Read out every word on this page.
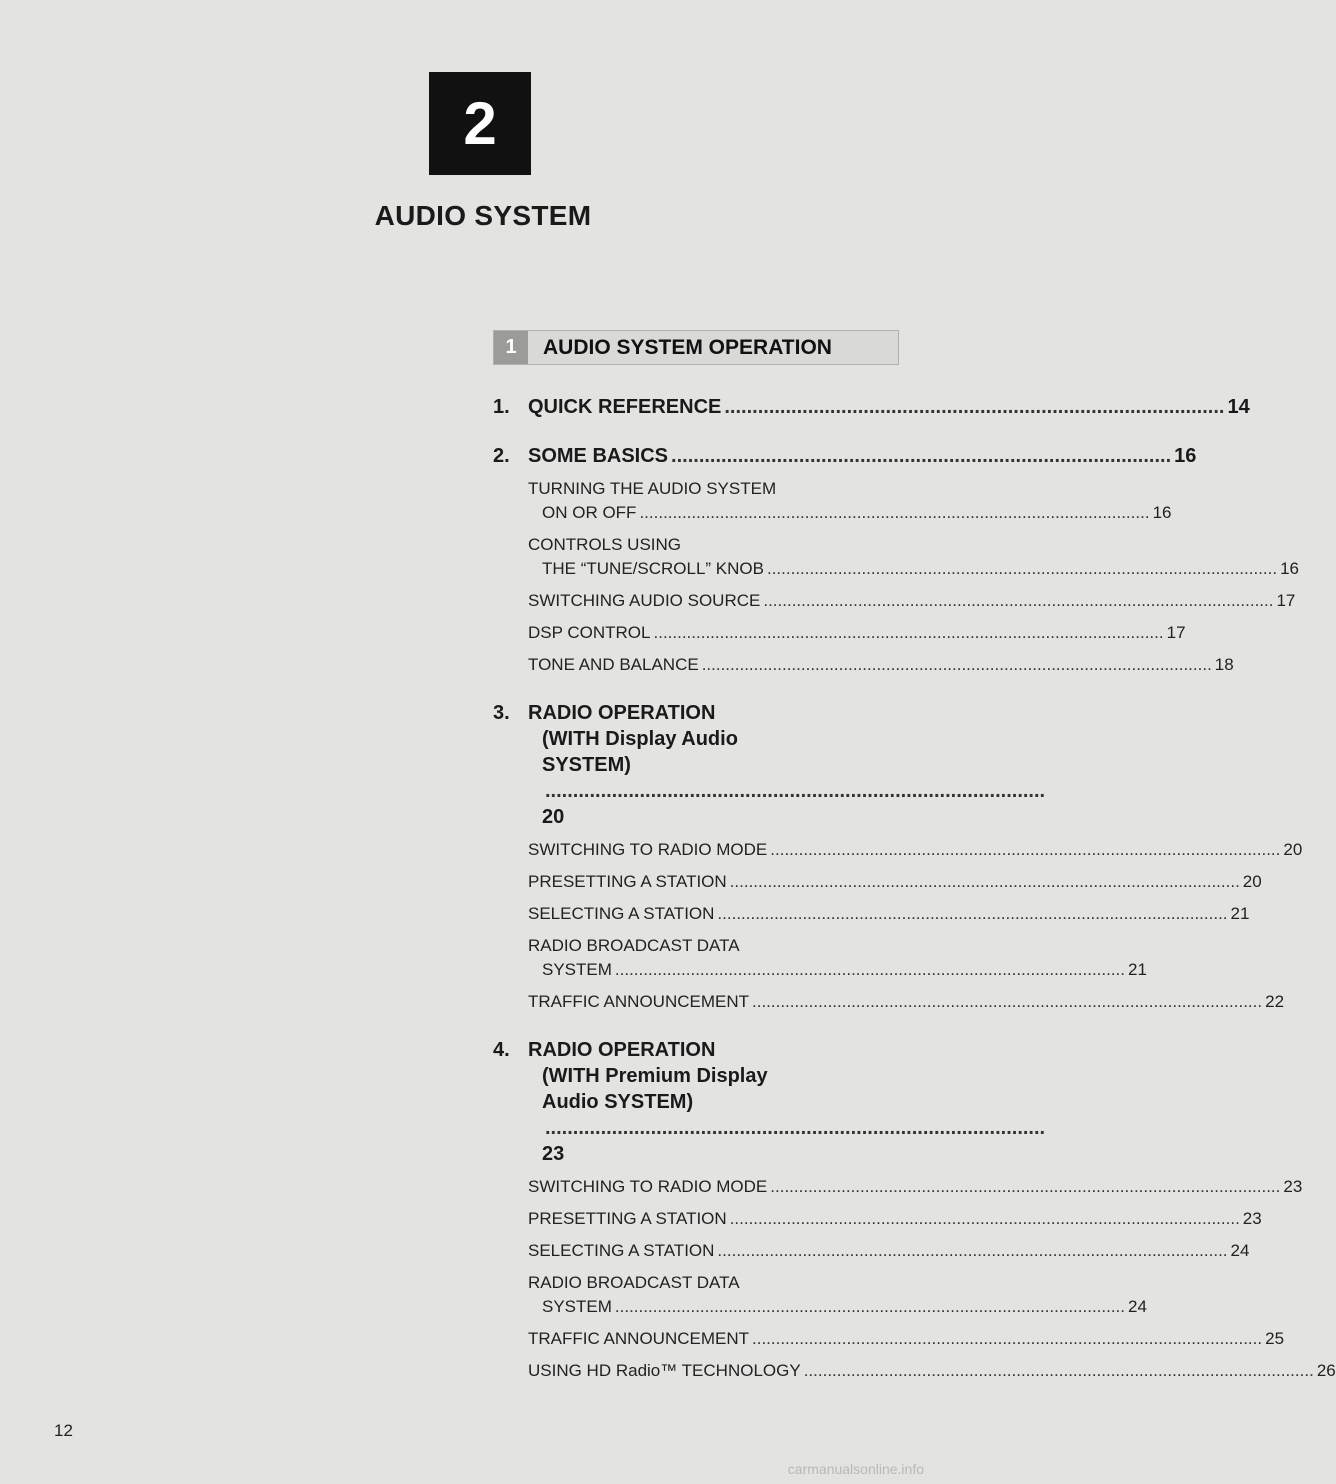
2
AUDIO SYSTEM
1	AUDIO SYSTEM OPERATION
1. QUICK REFERENCE .......................................................................................... 14
2. SOME BASICS .......................................................................................... 16
TURNING THE AUDIO SYSTEM
ON OR OFF ............................................................................................................ 16
CONTROLS USING
THE “TUNE/SCROLL” KNOB ............................................................................................................ 16
SWITCHING AUDIO SOURCE ............................................................................................................ 17
DSP CONTROL ............................................................................................................ 17
TONE AND BALANCE ............................................................................................................ 18
3. RADIO OPERATION
(WITH Display Audio
SYSTEM) .......................................................................................... 20
SWITCHING TO RADIO MODE ............................................................................................................ 20
PRESETTING A STATION ............................................................................................................ 20
SELECTING A STATION ............................................................................................................ 21
RADIO BROADCAST DATA
SYSTEM ............................................................................................................ 21
TRAFFIC ANNOUNCEMENT ............................................................................................................ 22
4. RADIO OPERATION
(WITH Premium Display
Audio SYSTEM) .......................................................................................... 23
SWITCHING TO RADIO MODE ............................................................................................................ 23
PRESETTING A STATION ............................................................................................................ 23
SELECTING A STATION ............................................................................................................ 24
RADIO BROADCAST DATA
SYSTEM ............................................................................................................ 24
TRAFFIC ANNOUNCEMENT ............................................................................................................ 25
USING HD Radio™ TECHNOLOGY ............................................................................................................ 26
12
carmanualsonline.info
